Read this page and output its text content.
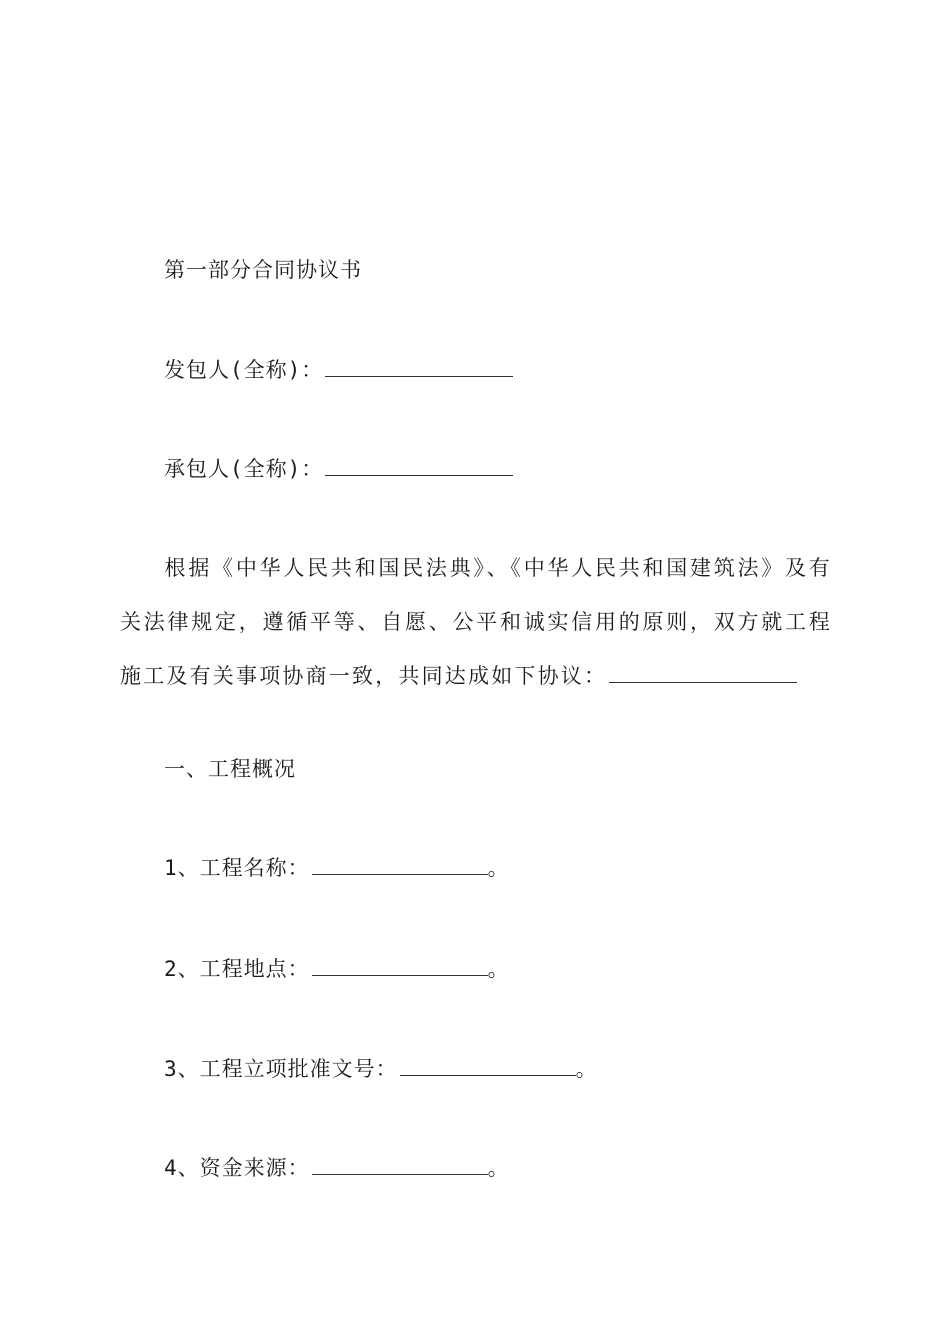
第一部分合同协议书
发包人(全称)：
承包人(全称)：
根据《中华人民共和国民法典》、《中华人民共和国建筑法》及有关法律规定，遵循平等、自愿、公平和诚实信用的原则，双方就工程施工及有关事项协商一致，共同达成如下协议：
一、工程概况
1、工程名称：	。
2、工程地点：	。
3、工程立项批准文号：	。
4、资金来源：	。
